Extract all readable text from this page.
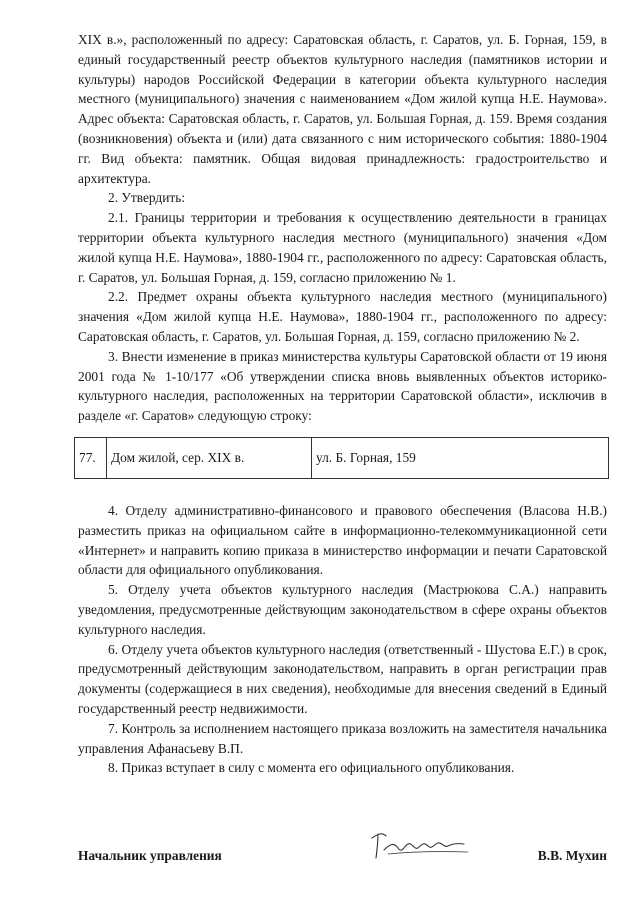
XIX в.», расположенный по адресу: Саратовская область, г. Саратов, ул. Б. Горная, 159, в единый государственный реестр объектов культурного наследия (памятников истории и культуры) народов Российской Федерации в категории объекта культурного наследия местного (муниципального) значения с наименованием «Дом жилой купца Н.Е. Наумова». Адрес объекта: Саратовская область, г. Саратов, ул. Большая Горная, д. 159. Время создания (возникновения) объекта и (или) дата связанного с ним исторического события: 1880-1904 гг. Вид объекта: памятник. Общая видовая принадлежность: градостроительство и архитектура.

2. Утвердить:

2.1. Границы территории и требования к осуществлению деятельности в границах территории объекта культурного наследия местного (муниципального) значения «Дом жилой купца Н.Е. Наумова», 1880-1904 гг., расположенного по адресу: Саратовская область, г. Саратов, ул. Большая Горная, д. 159, согласно приложению № 1.

2.2. Предмет охраны объекта культурного наследия местного (муниципального) значения «Дом жилой купца Н.Е. Наумова», 1880-1904 гг., расположенного по адресу: Саратовская область, г. Саратов, ул. Большая Горная, д. 159, согласно приложению № 2.

3. Внести изменение в приказ министерства культуры Саратовской области от 19 июня 2001 года № 1-10/177 «Об утверждении списка вновь выявленных объектов историко-культурного наследия, расположенных на территории Саратовской области», исключив в разделе «г. Саратов» следующую строку:

77.	Дом жилой, сер. XIX в.	ул. Б. Горная, 159

4. Отделу административно-финансового и правового обеспечения (Власова Н.В.) разместить приказ на официальном сайте в информационно-телекоммуникационной сети «Интернет» и направить копию приказа в министерство информации и печати Саратовской области для официального опубликования.

5. Отделу учета объектов культурного наследия (Мастрюкова С.А.) направить уведомления, предусмотренные действующим законодательством в сфере охраны объектов культурного наследия.

6. Отделу учета объектов культурного наследия (ответственный - Шустова Е.Г.) в срок, предусмотренный действующим законодательством, направить в орган регистрации прав документы (содержащиеся в них сведения), необходимые для внесения сведений в Единый государственный реестр недвижимости.

7. Контроль за исполнением настоящего приказа возложить на заместителя начальника управления Афанасьеву В.П.

8. Приказ вступает в силу с момента его официального опубликования.

Начальник управления	В.В. Мухин
